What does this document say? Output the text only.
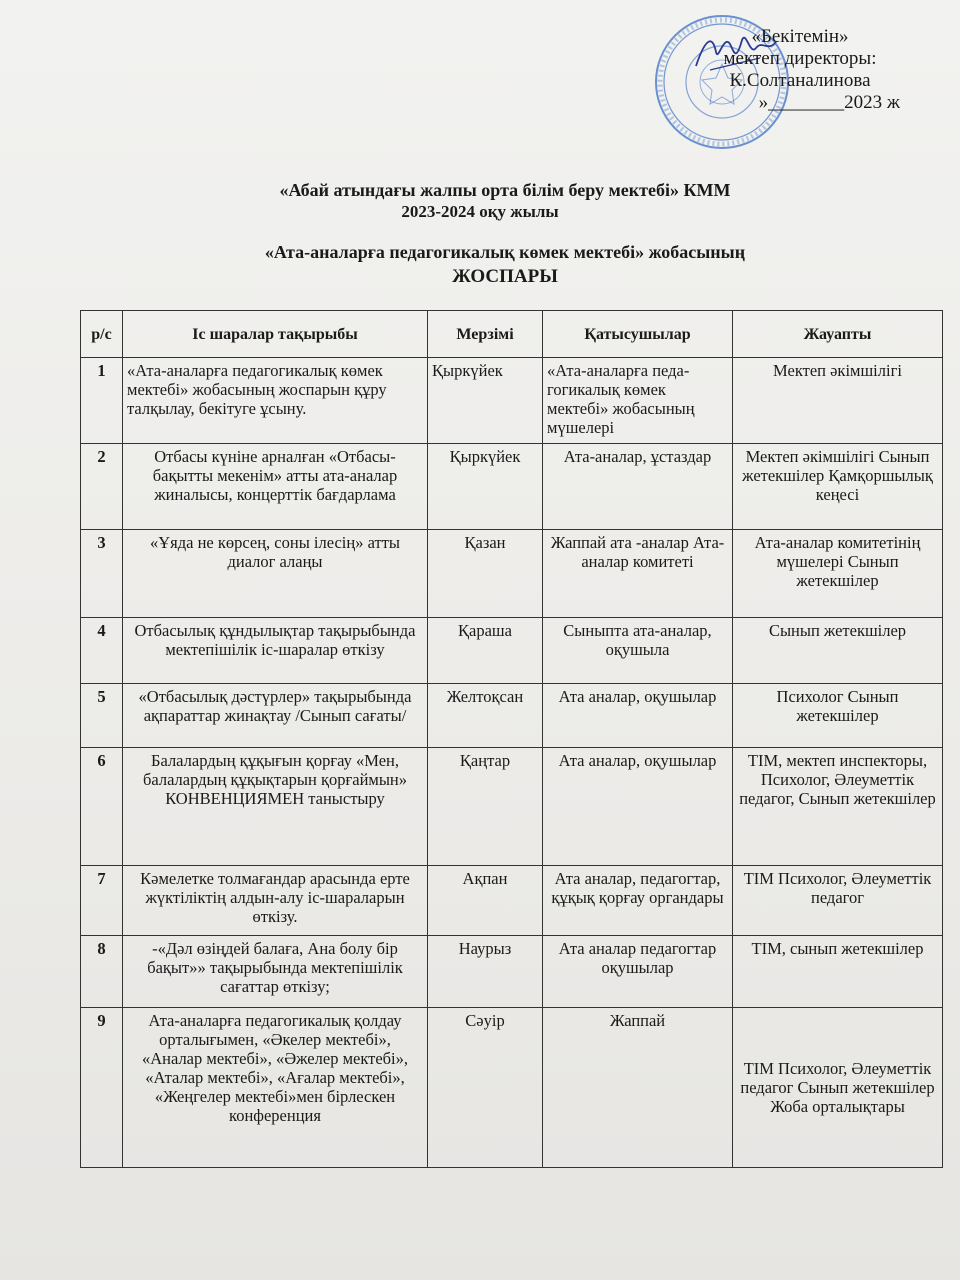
«Бекітемін»
мектеп директоры:
К.Солтаналинова
»________2023 ж
«Абай атындағы жалпы орта білім беру мектебі» КММ
2023-2024 оқу жылы
«Ата-аналарға педагогикалық көмек мектебі» жобасының
ЖОСПАРЫ
р/с	Іс шаралар тақырыбы	Мерзімі	Қатысушылар	Жауапты
1	«Ата-аналарға педагогикалық көмек мектебі» жобасының жоспарын құру талқылау, бекітуге ұсыну.	Қыркүйек	«Ата-аналарға педа-гогикалық көмек мектебі» жобасының мүшелері	Мектеп әкімшілігі
2	Отбасы күніне арналған «Отбасы-бақытты мекенім» атты ата-аналар жиналысы, концерттік бағдарлама	Қыркүйек	Ата-аналар, ұстаздар	Мектеп әкімшілігі Сынып жетекшілер Қамқоршылық кеңесі
3	«Ұяда не көрсең, соны ілесің» атты диалог алаңы	Қазан	Жаппай ата -аналар Ата-аналар комитеті	Ата-аналар комитетінің мүшелері Сынып жетекшілер
4	Отбасылық құндылықтар тақырыбында мектепішілік іс-шаралар өткізу	Қараша	Сыныпта ата-аналар, оқушыла	Сынып жетекшілер
5	«Отбасылық дәстүрлер» тақырыбында ақпараттар жинақтау /Сынып сағаты/	Желтоқсан	Ата аналар, оқушылар	Психолог Сынып жетекшілер
6	Балалардың құқығын қорғау «Мен, балалардың құқықтарын қорғаймын» КОНВЕНЦИЯМЕН таныстыру	Қаңтар	Ата аналар, оқушылар	ТІМ, мектеп инспекторы, Психолог, Әлеуметтік педагог, Сынып жетекшілер
7	Кәмелетке толмағандар арасында ерте жүктіліктің алдын-алу іс-шараларын өткізу.	Ақпан	Ата аналар, педагогтар, құқық қорғау органдары	ТІМ Психолог, Әлеуметтік педагог
8	-«Дәл өзіңдей балаға, Ана болу бір бақыт»» тақырыбында мектепішілік сағаттар өткізу;	Наурыз	Ата аналар педагогтар оқушылар	ТІМ, сынып жетекшілер
9	Ата-аналарға педагогикалық қолдау орталығымен, «Әкелер мектебі», «Аналар мектебі», «Әжелер мектебі», «Аталар мектебі», «Ағалар мектебі», «Жеңгелер мектебі»мен бірлескен конференция	Сәуір	Жаппай	ТІМ Психолог, Әлеуметтік педагог Сынып жетекшілер Жоба орталықтары
